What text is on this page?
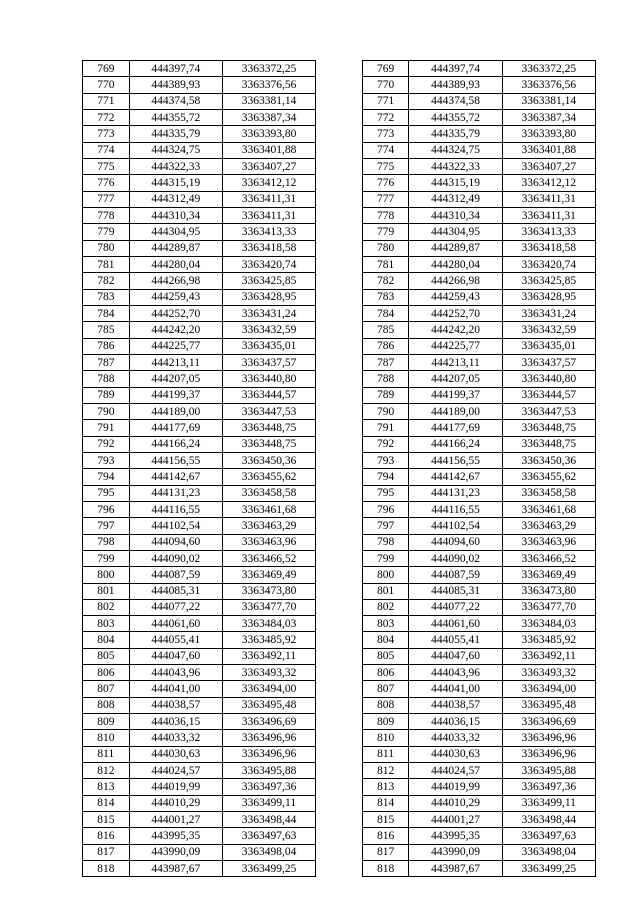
769	444397,74	3363372,25		769	444397,74	3363372,25
770	444389,93	3363376,56		770	444389,93	3363376,56
771	444374,58	3363381,14		771	444374,58	3363381,14
772	444355,72	3363387,34		772	444355,72	3363387,34
773	444335,79	3363393,80		773	444335,79	3363393,80
774	444324,75	3363401,88		774	444324,75	3363401,88
775	444322,33	3363407,27		775	444322,33	3363407,27
776	444315,19	3363412,12		776	444315,19	3363412,12
777	444312,49	3363411,31		777	444312,49	3363411,31
778	444310,34	3363411,31		778	444310,34	3363411,31
779	444304,95	3363413,33		779	444304,95	3363413,33
780	444289,87	3363418,58		780	444289,87	3363418,58
781	444280,04	3363420,74		781	444280,04	3363420,74
782	444266,98	3363425,85		782	444266,98	3363425,85
783	444259,43	3363428,95		783	444259,43	3363428,95
784	444252,70	3363431,24		784	444252,70	3363431,24
785	444242,20	3363432,59		785	444242,20	3363432,59
786	444225,77	3363435,01		786	444225,77	3363435,01
787	444213,11	3363437,57		787	444213,11	3363437,57
788	444207,05	3363440,80		788	444207,05	3363440,80
789	444199,37	3363444,57		789	444199,37	3363444,57
790	444189,00	3363447,53		790	444189,00	3363447,53
791	444177,69	3363448,75		791	444177,69	3363448,75
792	444166,24	3363448,75		792	444166,24	3363448,75
793	444156,55	3363450,36		793	444156,55	3363450,36
794	444142,67	3363455,62		794	444142,67	3363455,62
795	444131,23	3363458,58		795	444131,23	3363458,58
796	444116,55	3363461,68		796	444116,55	3363461,68
797	444102,54	3363463,29		797	444102,54	3363463,29
798	444094,60	3363463,96		798	444094,60	3363463,96
799	444090,02	3363466,52		799	444090,02	3363466,52
800	444087,59	3363469,49		800	444087,59	3363469,49
801	444085,31	3363473,80		801	444085,31	3363473,80
802	444077,22	3363477,70		802	444077,22	3363477,70
803	444061,60	3363484,03		803	444061,60	3363484,03
804	444055,41	3363485,92		804	444055,41	3363485,92
805	444047,60	3363492,11		805	444047,60	3363492,11
806	444043,96	3363493,32		806	444043,96	3363493,32
807	444041,00	3363494,00		807	444041,00	3363494,00
808	444038,57	3363495,48		808	444038,57	3363495,48
809	444036,15	3363496,69		809	444036,15	3363496,69
810	444033,32	3363496,96		810	444033,32	3363496,96
811	444030,63	3363496,96		811	444030,63	3363496,96
812	444024,57	3363495,88		812	444024,57	3363495,88
813	444019,99	3363497,36		813	444019,99	3363497,36
814	444010,29	3363499,11		814	444010,29	3363499,11
815	444001,27	3363498,44		815	444001,27	3363498,44
816	443995,35	3363497,63		816	443995,35	3363497,63
817	443990,09	3363498,04		817	443990,09	3363498,04
818	443987,67	3363499,25		818	443987,67	3363499,25
